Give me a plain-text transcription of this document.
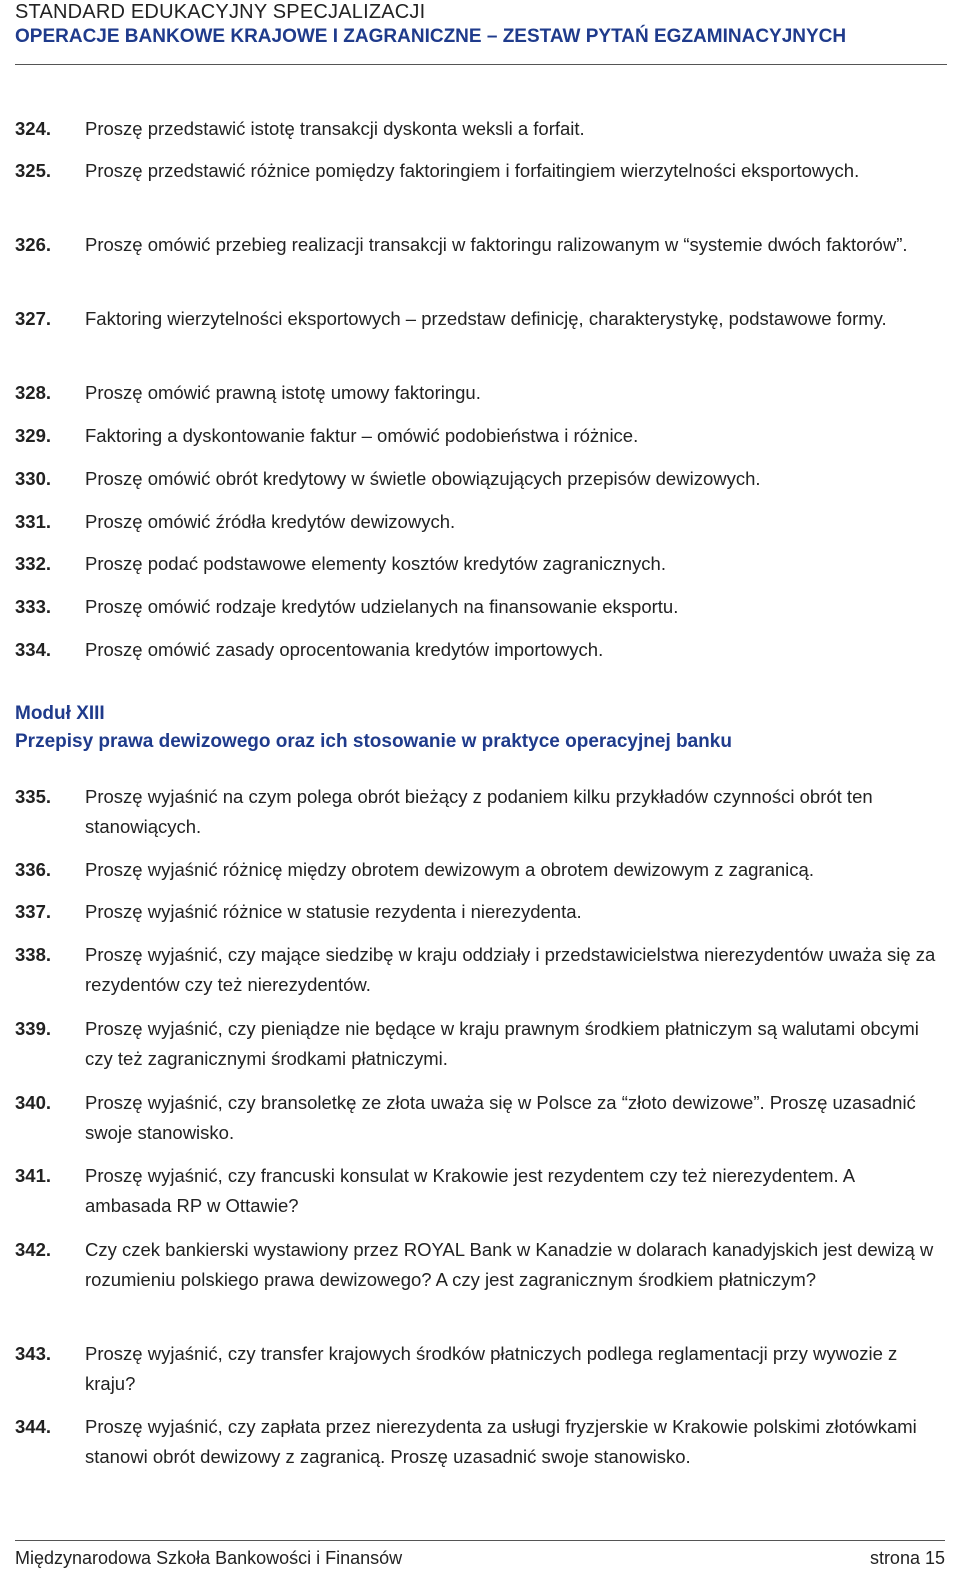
STANDARD EDUKACYJNY SPECJALIZACJI
OPERACJE BANKOWE KRAJOWE I ZAGRANICZNE – ZESTAW PYTAŃ EGZAMINACYJNYCH
324.	Proszę przedstawić istotę transakcji dyskonta weksli a forfait.
325.	Proszę przedstawić różnice pomiędzy faktoringiem i forfaitingiem wierzytelności eksportowych.
326.	Proszę omówić przebieg realizacji transakcji w faktoringu ralizowanym w “systemie dwóch faktorów”.
327.	Faktoring wierzytelności eksportowych – przedstaw definicję, charakterystykę, podstawowe formy.
328.	Proszę omówić prawną istotę umowy faktoringu.
329.	Faktoring a dyskontowanie faktur – omówić podobieństwa i różnice.
330.	Proszę omówić obrót kredytowy w świetle obowiązujących przepisów dewizowych.
331.	Proszę omówić źródła kredytów dewizowych.
332.	Proszę podać podstawowe elementy kosztów kredytów zagranicznych.
333.	Proszę omówić rodzaje kredytów udzielanych na finansowanie eksportu.
334.	Proszę omówić zasady oprocentowania kredytów importowych.
Moduł XIII
Przepisy prawa dewizowego oraz ich stosowanie w praktyce operacyjnej banku
335.	Proszę wyjaśnić na czym polega obrót bieżący z podaniem kilku przykładów czynności obrót ten stanowiących.
336.	Proszę wyjaśnić różnicę między obrotem dewizowym a obrotem dewizowym z zagranicą.
337.	Proszę wyjaśnić różnice w statusie rezydenta i nierezydenta.
338.	Proszę wyjaśnić, czy mające siedzibę w kraju oddziały i przedstawicielstwa nierezydentów uważa się za rezydentów czy też nierezydentów.
339.	Proszę wyjaśnić, czy pieniądze nie będące w kraju prawnym środkiem płatniczym są walutami obcymi czy też zagranicznymi środkami płatniczymi.
340.	Proszę wyjaśnić, czy bransoletkę ze złota uważa się w Polsce za “złoto dewizowe”. Proszę uzasadnić swoje stanowisko.
341.	Proszę wyjaśnić, czy francuski konsulat w Krakowie jest rezydentem czy też nierezydentem. A ambasada RP w Ottawie?
342.	Czy czek bankierski wystawiony przez ROYAL Bank w Kanadzie w dolarach kanadyjskich jest dewizą w rozumieniu polskiego prawa dewizowego? A czy jest zagranicznym środkiem płatniczym?
343.	Proszę wyjaśnić, czy transfer krajowych środków płatniczych podlega reglamentacji przy wywozie z kraju?
344.	Proszę wyjaśnić, czy zapłata przez nierezydenta za usługi fryzjerskie w Krakowie polskimi złotówkami stanowi obrót dewizowy z zagranicą. Proszę uzasadnić swoje stanowisko.
Międzynarodowa Szkoła Bankowości i Finansów	strona 15
